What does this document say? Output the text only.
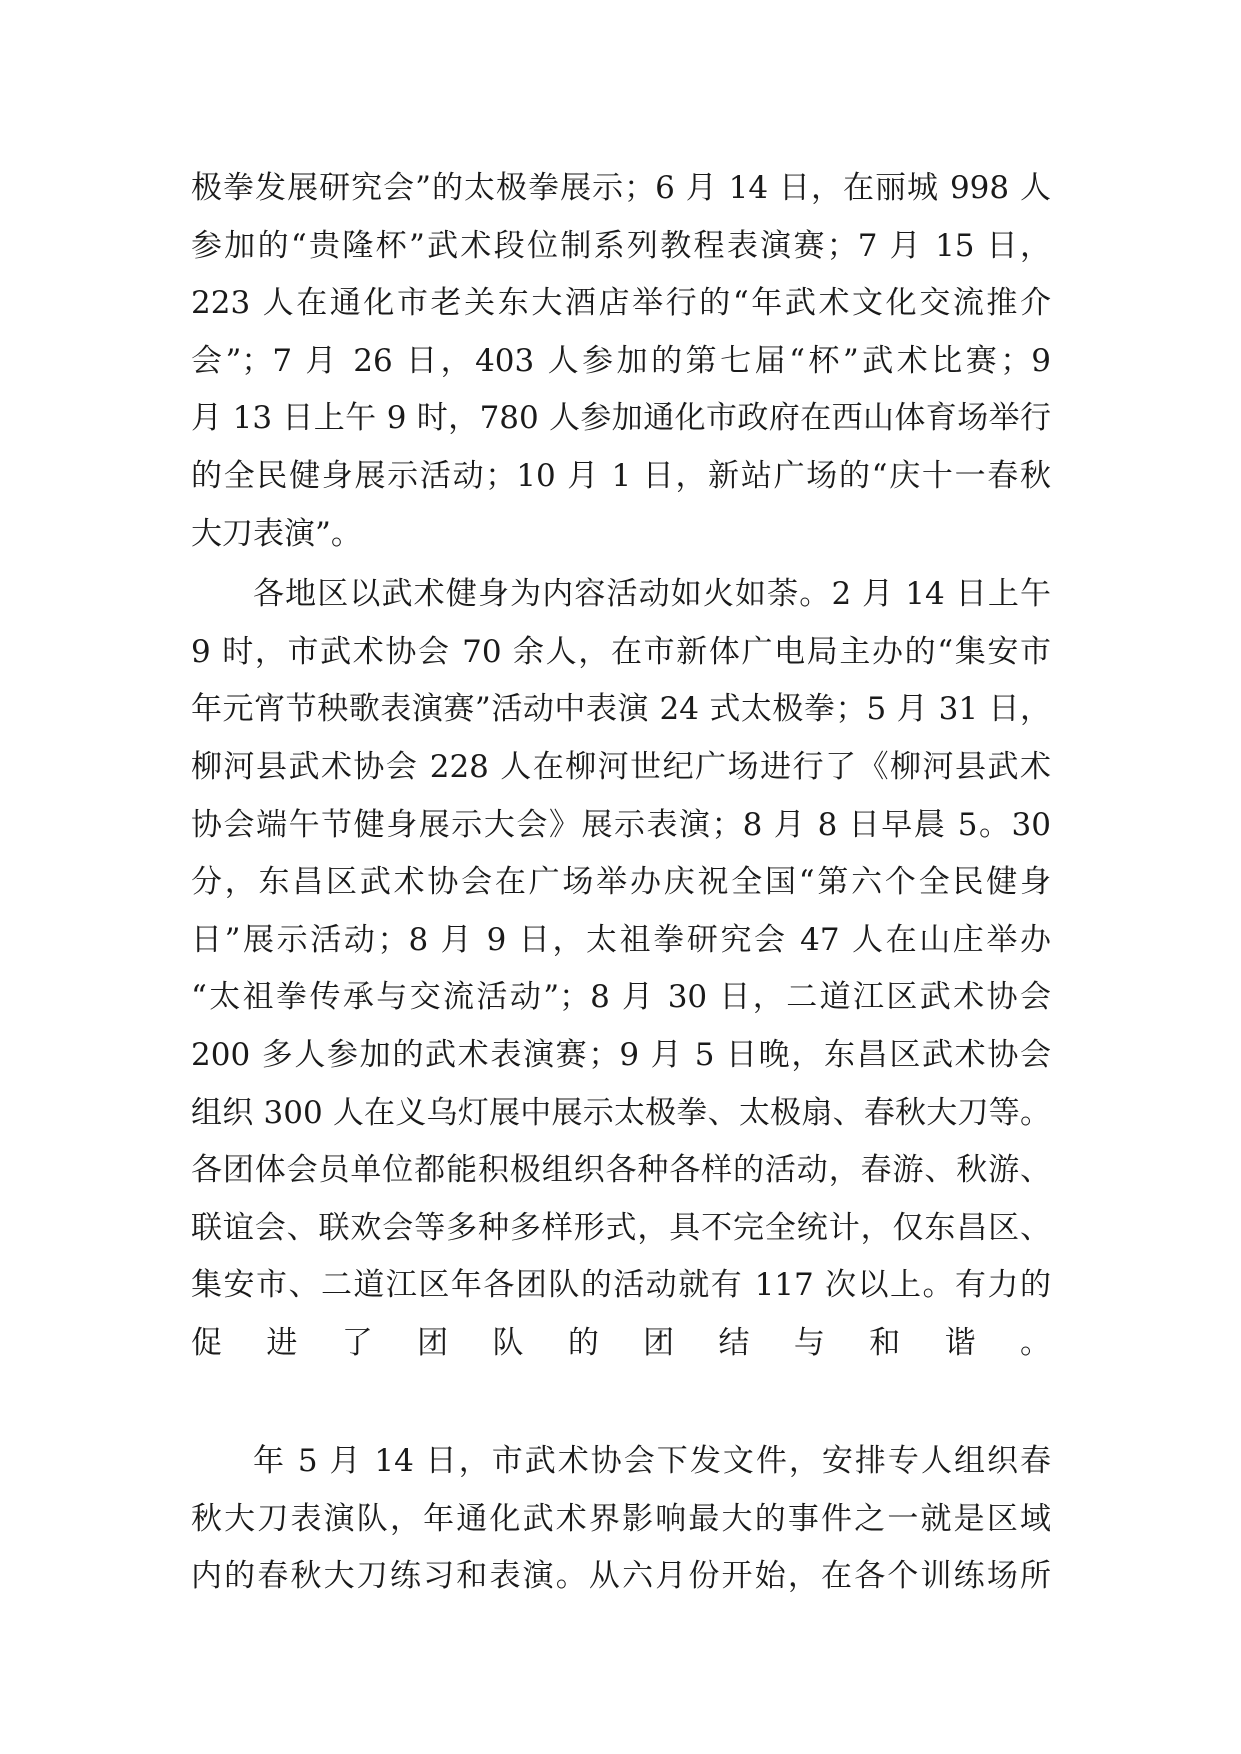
极拳发展研究会”的太极拳展示；6 月 14 日，在丽城 998 人
参加的“贵隆杯”武术段位制系列教程表演赛；7 月 15 日，
223 人在通化市老关东大酒店举行的“年武术文化交流推介
会”；7 月 26 日，403 人参加的第七届“杯”武术比赛；9
月 13 日上午 9 时，780 人参加通化市政府在西山体育场举行
的全民健身展示活动；10 月 1 日，新站广场的“庆十一春秋
大刀表演”。
各地区以武术健身为内容活动如火如荼。2 月 14 日上午
9 时，市武术协会 70 余人，在市新体广电局主办的“集安市
年元宵节秧歌表演赛”活动中表演 24 式太极拳；5 月 31 日，
柳河县武术协会 228 人在柳河世纪广场进行了《柳河县武术
协会端午节健身展示大会》展示表演；8 月 8 日早晨 5。30
分，东昌区武术协会在广场举办庆祝全国“第六个全民健身
日”展示活动；8 月 9 日，太祖拳研究会 47 人在山庄举办
“太祖拳传承与交流活动”；8 月 30 日，二道江区武术协会
200 多人参加的武术表演赛；9 月 5 日晚，东昌区武术协会
组织 300 人在义乌灯展中展示太极拳、太极扇、春秋大刀等。
各团体会员单位都能积极组织各种各样的活动，春游、秋游、
联谊会、联欢会等多种多样形式，具不完全统计，仅东昌区、
集安市、二道江区年各团队的活动就有 117 次以上。有力的
促进了团队的团结与和谐。
年 5 月 14 日，市武术协会下发文件，安排专人组织春
秋大刀表演队，年通化武术界影响最大的事件之一就是区域
内的春秋大刀练习和表演。从六月份开始，在各个训练场所
